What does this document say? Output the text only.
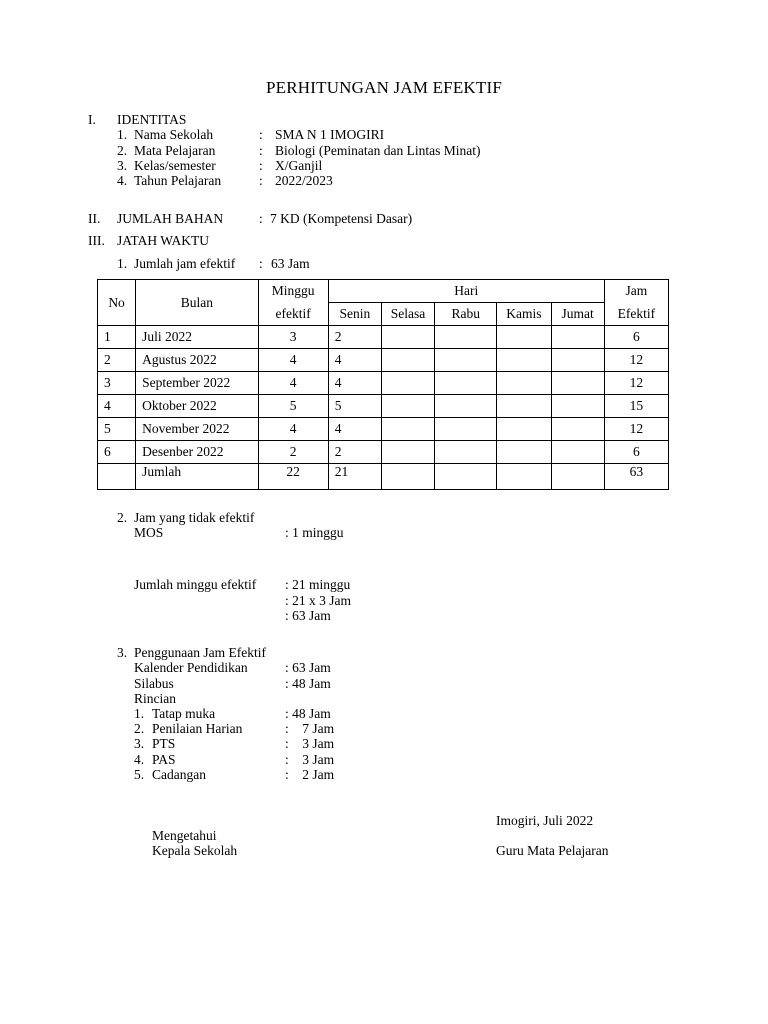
PERHITUNGAN JAM EFEKTIF
I. IDENTITAS
1. Nama Sekolah	: SMA N 1 IMOGIRI
2. Mata Pelajaran	: Biologi (Peminatan dan Lintas Minat)
3. Kelas/semester	: X/Ganjil
4. Tahun Pelajaran	: 2022/2023
II. JUMLAH BAHAN	: 7 KD (Kompetensi Dasar)
III. JATAH WAKTU
1. Jumlah jam efektif : 63 Jam
No	Bulan	Minggu	Hari					Jam
		efektif	Senin	Selasa	Rabu	Kamis	Jumat	Efektif
1	Juli 2022	3	2					6
2	Agustus 2022	4	4					12
3	September 2022	4	4					12
4	Oktober 2022	5	5					15
5	November 2022	4	4					12
6	Desenber 2022	2	2					6
	Jumlah	22	21					63
2. Jam yang tidak efektif
MOS	: 1 minggu
Jumlah minggu efektif : 21 minggu
: 21 x 3 Jam
: 63 Jam
3. Penggunaan Jam Efektif
Kalender Pendidikan	: 63 Jam
Silabus	: 48 Jam
Rincian
1. Tatap muka	: 48 Jam
2. Penilaian Harian	:    7 Jam
3. PTS	:    3 Jam
4. PAS	:    3 Jam
5. Cadangan	:    2 Jam
Imogiri, Juli 2022
Mengetahui
Kepala Sekolah	Guru Mata Pelajaran
